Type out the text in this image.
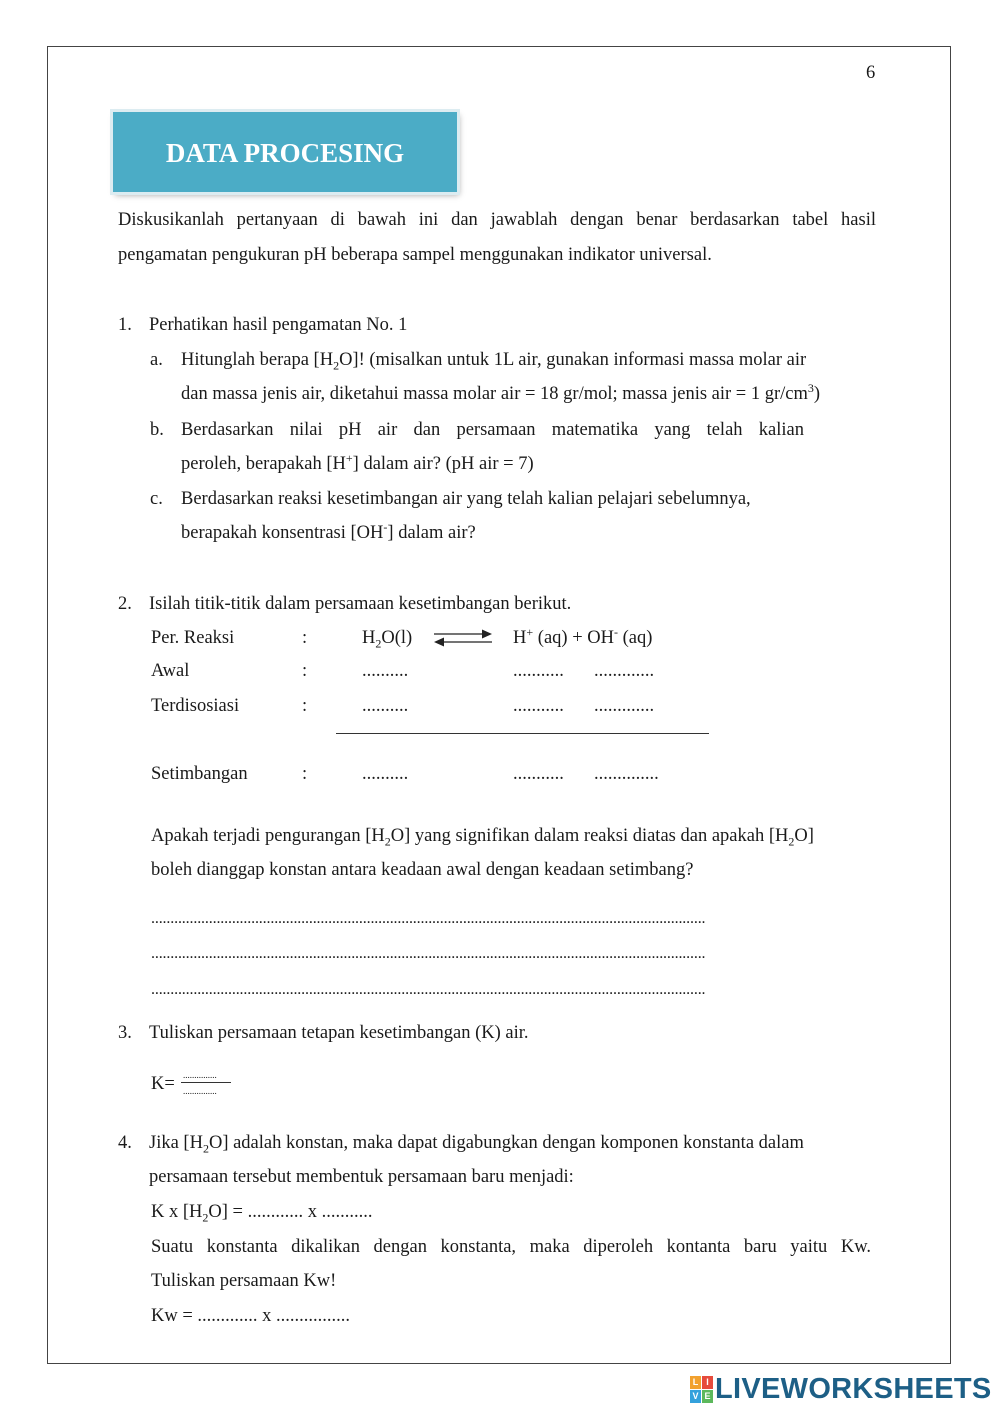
6
DATA PROCESING
Diskusikanlah pertanyaan di bawah ini dan jawablah dengan benar berdasarkan tabel hasil
pengamatan pengukuran pH beberapa sampel menggunakan indikator universal.
1. Perhatikan hasil pengamatan No. 1
a. Hitunglah berapa $[H_2O]$! (misalkan untuk 1L air, gunakan informasi massa molar air
dan massa jenis air, diketahui massa molar air = 18 gr/mol; massa jenis air = 1 $gr/cm^3$)
b. Berdasarkan nilai pH air dan persamaan matematika yang telah kalian
peroleh, berapakah [H+] dalam air? (pH air = 7)
c. Berdasarkan reaksi kesetimbangan air yang telah kalian pelajari sebelumnya,
berapakah konsentrasi [OH-] dalam air?
2. Isilah titik-titik dalam persamaan kesetimbangan berikut.
Per. Reaksi	:	$H_2O(l)$ ⇌ H+ (aq) + OH- (aq)
Awal	:	..........	........... .............
Terdisosiasi	:	..........	........... .............
Setimbangan	:	..........	........... ..............
Apakah terjadi pengurangan $[H_2O]$ yang signifikan dalam reaksi diatas dan apakah $[H_2O]$
boleh dianggap konstan antara keadaan awal dengan keadaan setimbang?
................................................................................................................................................
................................................................................................................................................
................................................................................................................................................
3. Tuliskan persamaan tetapan kesetimbangan (K) air.
K= ...............
...............
4. Jika $[H_2O]$ adalah konstan, maka dapat digabungkan dengan komponen konstanta dalam
persamaan tersebut membentuk persamaan baru menjadi:
K x $[H_2O]$ = ............ x ...........
Suatu konstanta dikalikan dengan konstanta, maka diperoleh kontanta baru yaitu Kw.
Tuliskan persamaan Kw!
Kw = ............. x ................
L I
V E LIVEWORKSHEETS
